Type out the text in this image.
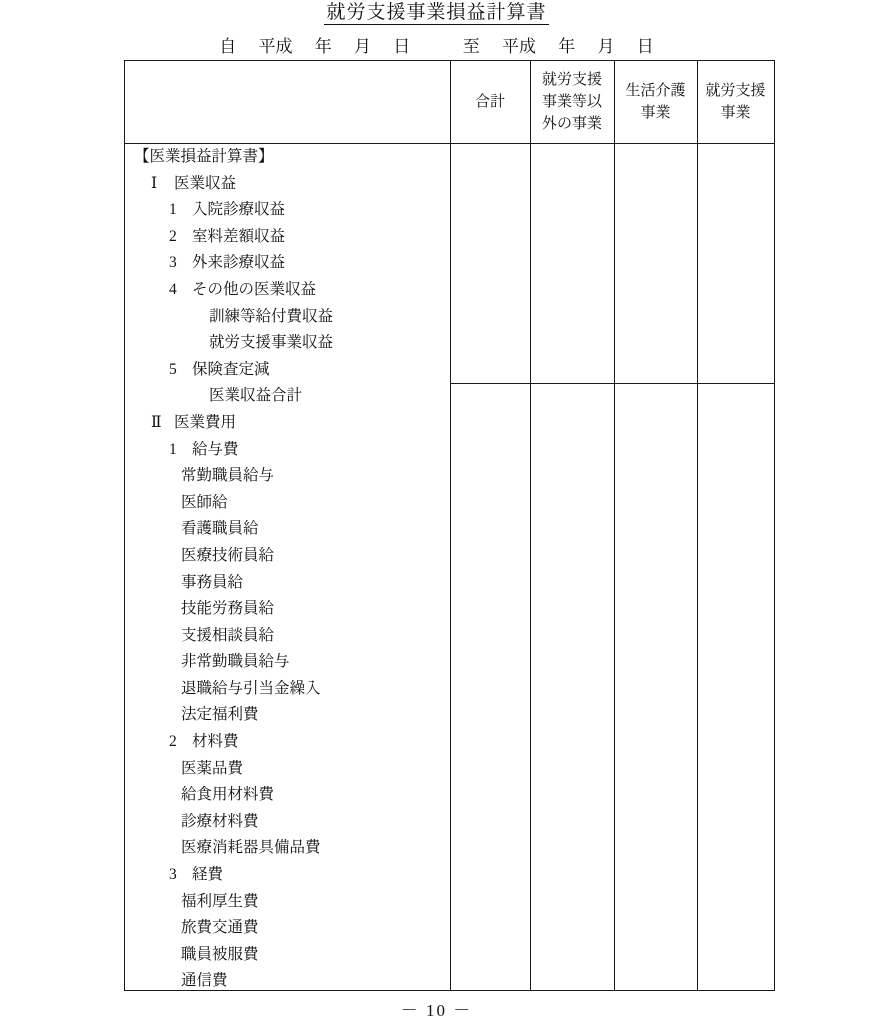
就労支援事業損益計算書
自 平成 年 月 日	至 平成 年 月 日
合計
就労支援
事業等以
外の事業
生活介護
事業
就労支援
事業
【医業損益計算書】
Ⅰ 医業収益
1 入院診療収益
2 室料差額収益
3 外来診療収益
4 その他の医業収益
訓練等給付費収益
就労支援事業収益
5 保険査定減
医業収益合計
Ⅱ 医業費用
1 給与費
常勤職員給与
医師給
看護職員給
医療技術員給
事務員給
技能労務員給
支援相談員給
非常勤職員給与
退職給与引当金繰入
法定福利費
2 材料費
医薬品費
給食用材料費
診療材料費
医療消耗器具備品費
3 経費
福利厚生費
旅費交通費
職員被服費
通信費
－ 10 －
